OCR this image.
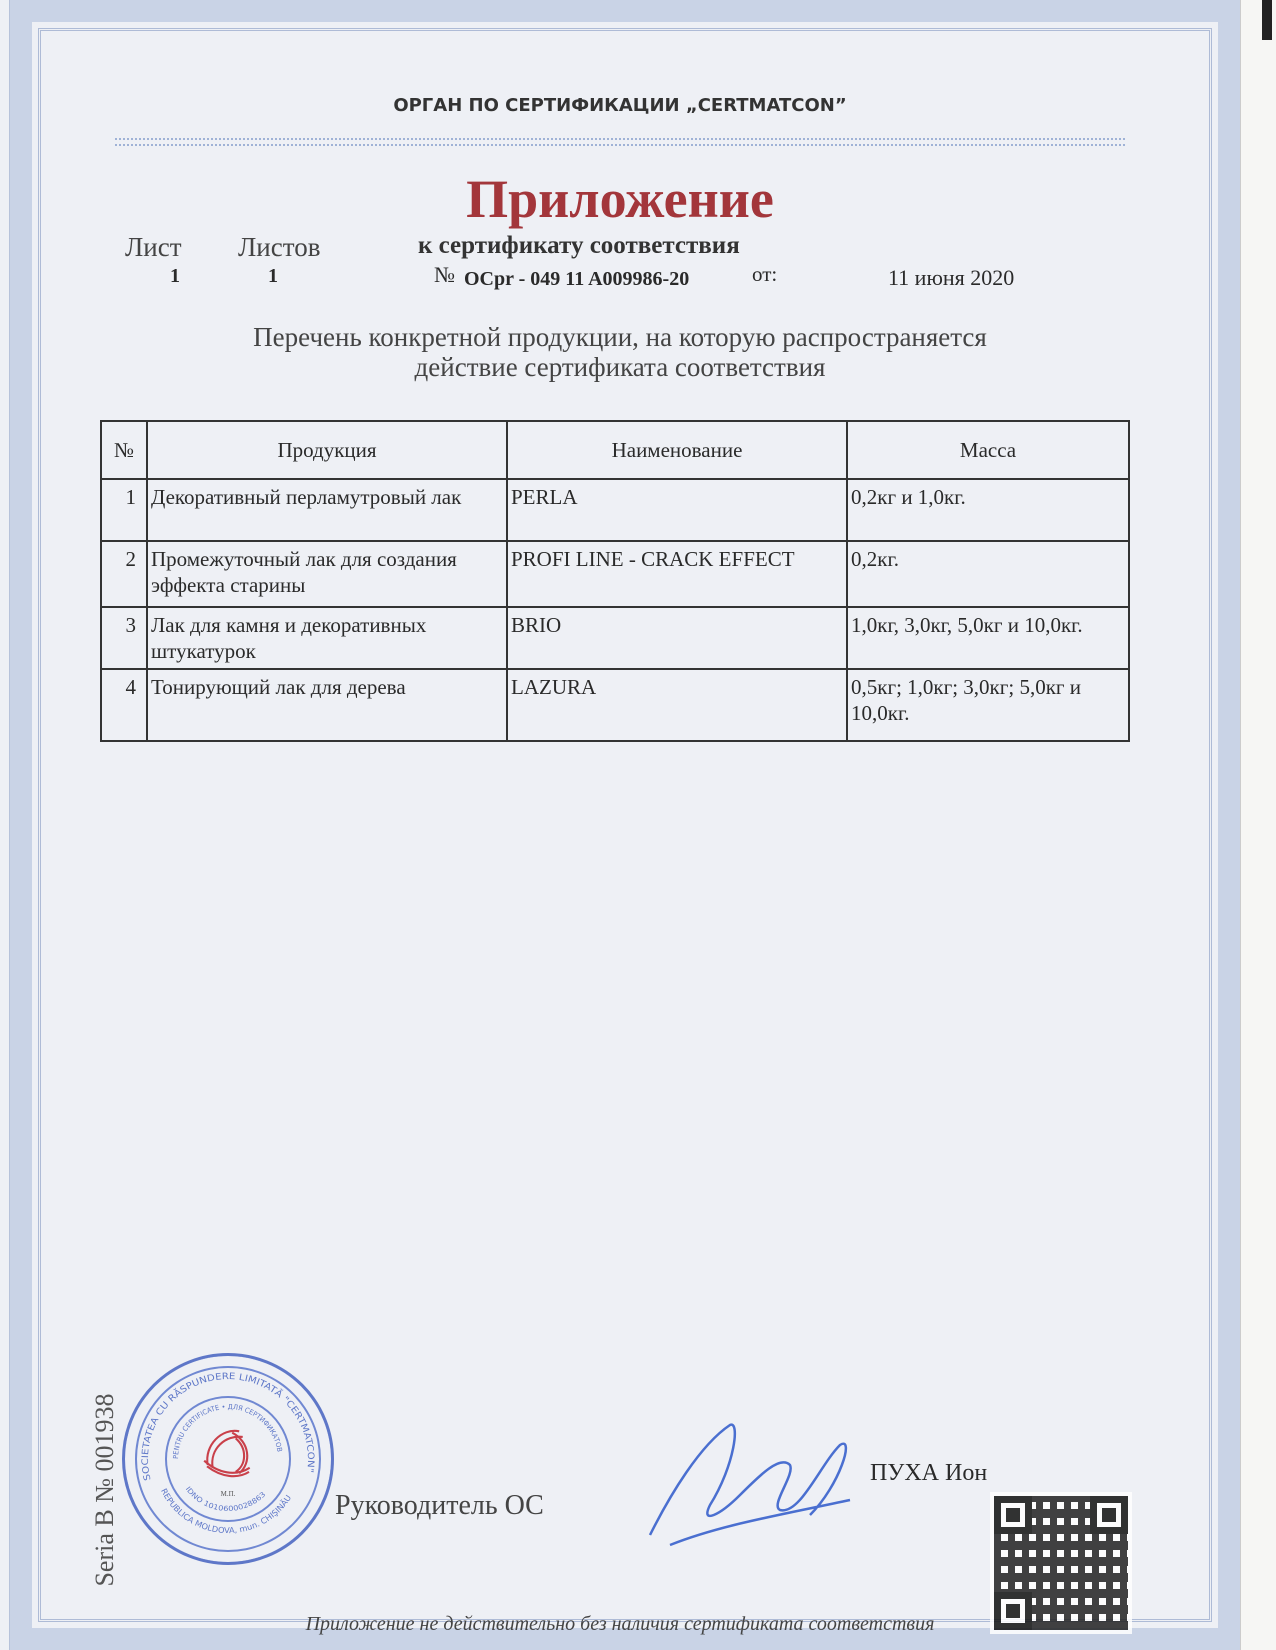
ОРГАН ПО СЕРТИФИКАЦИИ „CERTMATCON”
Приложение
Лист
1
Листов
1
к сертификату соответствия
№ OCpr - 049 11 A009986-20	от:	11 июня 2020
Перечень конкретной продукции, на которую распространяется
действие сертификата соответствия
№	Продукция	Наименование	Масса
1	Декоративный перламутровый лак	PERLA	0,2кг и 1,0кг.
2	Промежуточный лак для создания эффекта старины	PROFI LINE - CRACK EFFECT	0,2кг.
3	Лак для камня и декоративных штукатурок	BRIO	1,0кг, 3,0кг, 5,0кг и 10,0кг.
4	Тонирующий лак для дерева	LAZURA	0,5кг; 1,0кг; 3,0кг; 5,0кг и 10,0кг.
Seria B № 001938	SOCIETATEA CU RĂSPUNDERE LIMITATĂ "CERTMATCON"
REPUBLICA MOLDOVA, mun. CHIŞINĂU
PENTRU CERTIFICATE • ДЛЯ СЕРТИФИКАТОВ
IDNO 1010600028863
М.П.	Руководитель ОС
ПУХА Ион
Приложение не действительно без наличия сертификата соответствия
